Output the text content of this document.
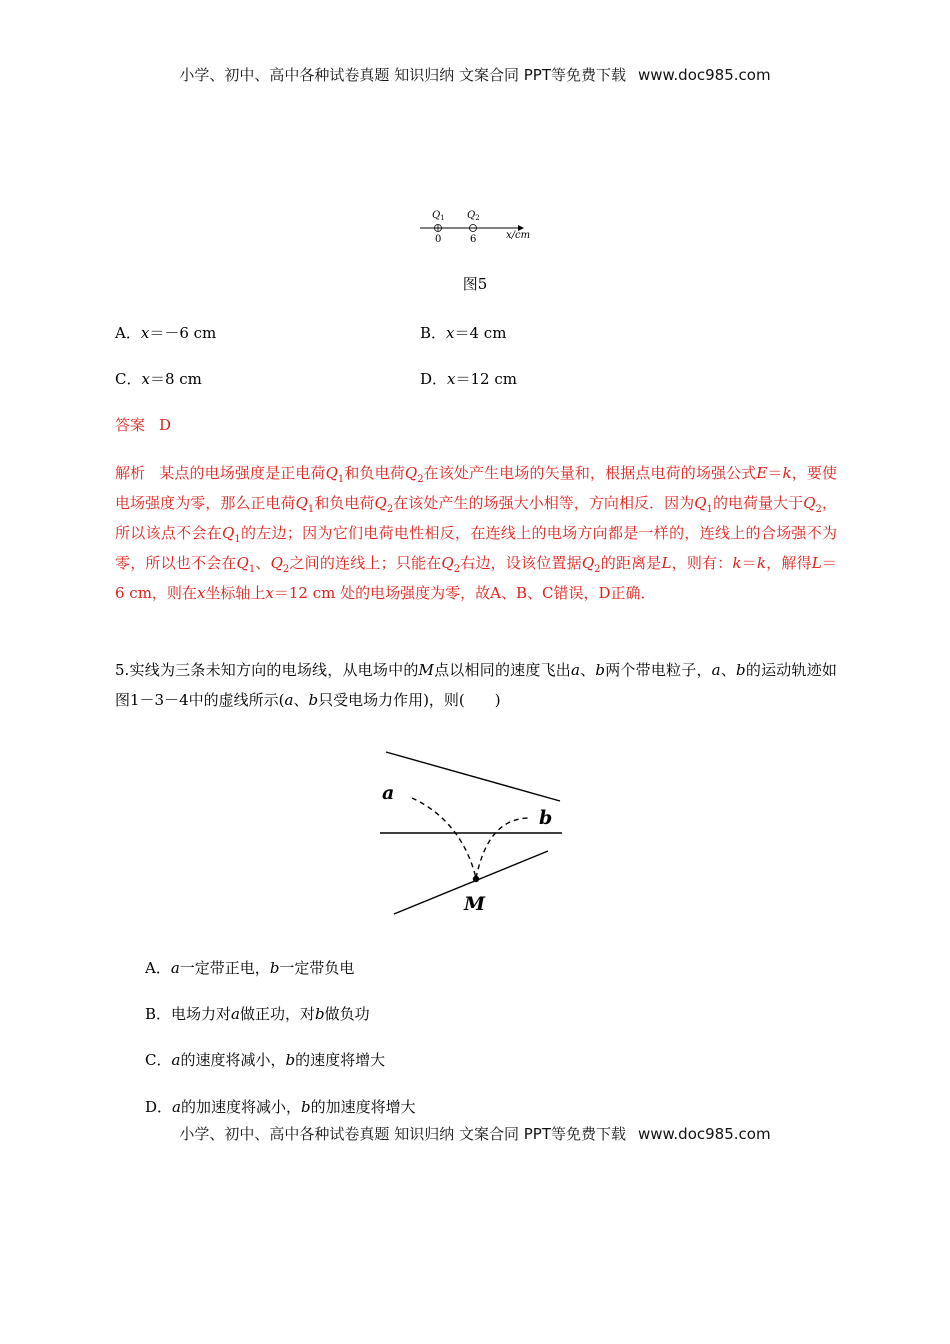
小学、初中、高中各种试卷真题 知识归纳 文案合同 PPT等免费下载 www.doc985.com
$Q_1$ $Q_2$
0	6	x/cm
图5
A．x＝－6 cm	B．x＝4 cm
C．x＝8 cm	D．x＝12 cm
答案 D
解析 某点的电场强度是正电荷$Q_1$和负电荷$Q_2$在该处产生电场的矢量和，根据点电荷的场强公式E＝k，要使电场强度为零，那么正电荷$Q_1$和负电荷$Q_2$在该处产生的场强大小相等，方向相反．因为$Q_1$的电荷量大于$Q_2$，所以该点不会在$Q_1$的左边；因为它们电荷电性相反，在连线上的电场方向都是一样的，连线上的合场强不为零，所以也不会在$Q_1$、$Q_2$之间的连线上；只能在$Q_2$右边，设该位置据$Q_2$的距离是L，则有：k＝k，解得L＝6 cm，则在x坐标轴上x＝12 cm 处的电场强度为零，故A、B、C错误，D正确．
5.实线为三条未知方向的电场线，从电场中的M点以相同的速度飞出a、b两个带电粒子，a、b的运动轨迹如图1－3－4中的虚线所示(a、b只受电场力作用)，则(　　)
a
b
M
A．a一定带正电，b一定带负电
B．电场力对a做正功，对b做负功
C．a的速度将减小，b的速度将增大
D．a的加速度将减小，b的加速度将增大
小学、初中、高中各种试卷真题 知识归纳 文案合同 PPT等免费下载 www.doc985.com
